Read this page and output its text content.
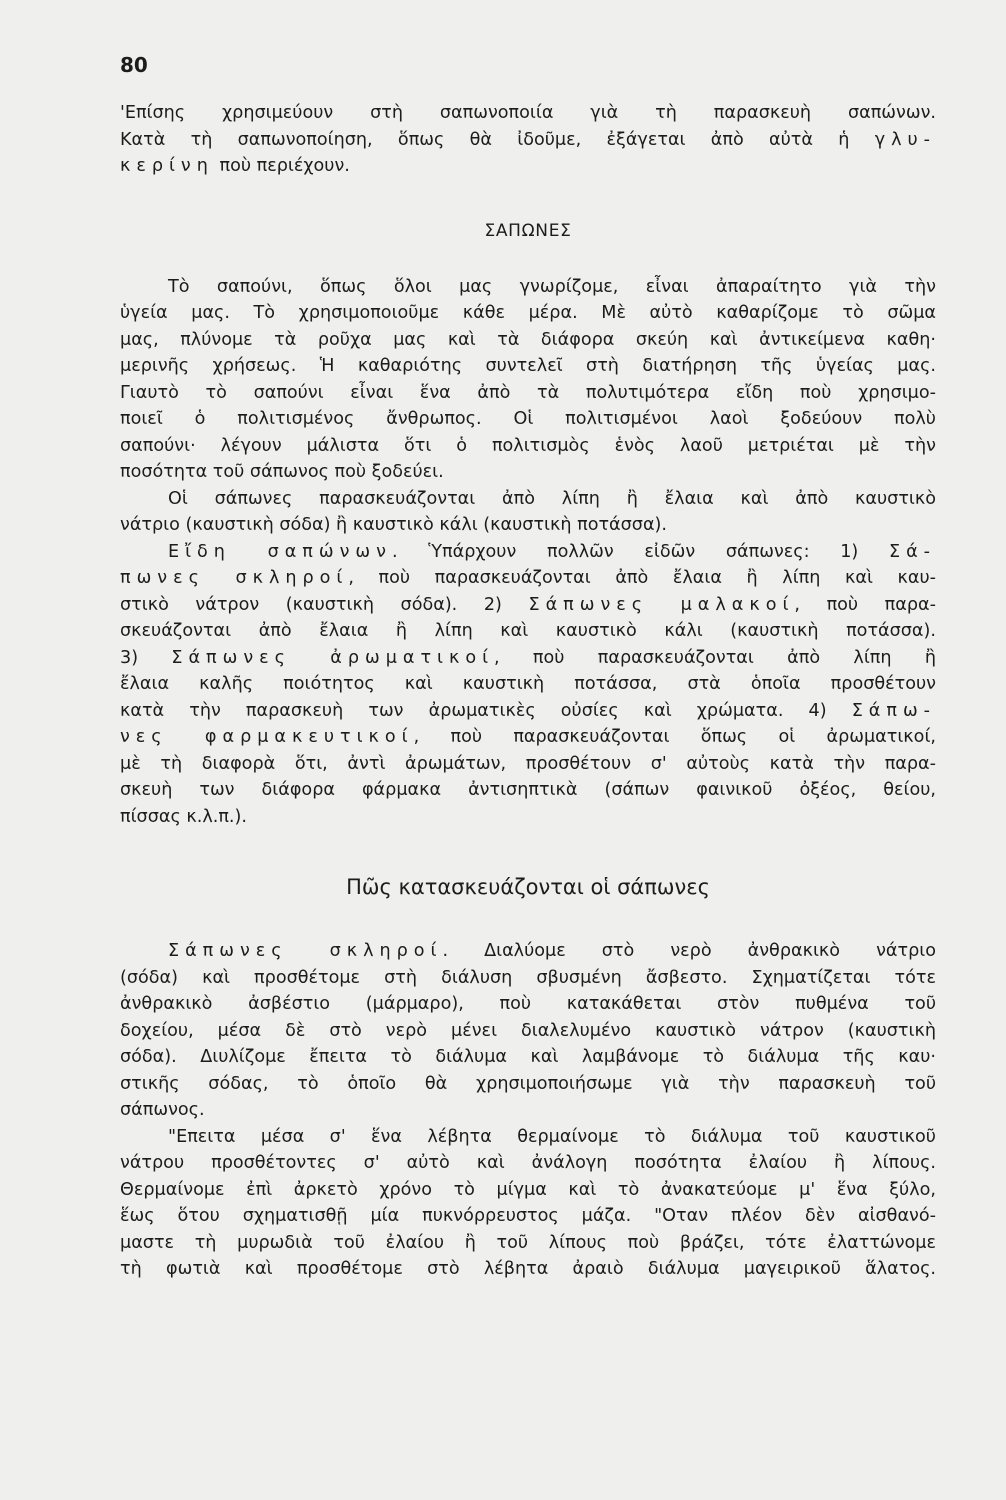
80
'Επίσης χρησιμεύουν στὴ σαπωνοποιία γιὰ τὴ παρασκευὴ σαπώνων.
Κατὰ τὴ σαπωνοποίηση, ὅπως θὰ ἰδοῦμε, ἐξάγεται ἀπὸ αὐτὰ ἡ γλυ-
κερίνη ποὺ περιέχουν.
ΣΑΠΩΝΕΣ
Τὸ σαπούνι, ὅπως ὅλοι μας γνωρίζομε, εἶναι ἀπαραίτητο γιὰ τὴν
ὑγεία μας. Τὸ χρησιμοποιοῦμε κάθε μέρα. Μὲ αὐτὸ καθαρίζομε τὸ σῶμα
μας, πλύνομε τὰ ροῦχα μας καὶ τὰ διάφορα σκεύη καὶ ἀντικείμενα καθη·
μερινῆς χρήσεως. Ἡ καθαριότης συντελεῖ στὴ διατήρηση τῆς ὑγείας μας.
Γιαυτὸ τὸ σαπούνι εἶναι ἕνα ἀπὸ τὰ πολυτιμότερα εἴδη ποὺ χρησιμο-
ποιεῖ ὁ πολιτισμένος ἄνθρωπος. Οἱ πολιτισμένοι λαοὶ ξοδεύουν πολὺ
σαπούνι· λέγουν μάλιστα ὅτι ὁ πολιτισμὸς ἑνὸς λαοῦ μετριέται μὲ τὴν
ποσότητα τοῦ σάπωνος ποὺ ξοδεύει.
Οἱ σάπωνες παρασκευάζονται ἀπὸ λίπη ἢ ἔλαια καὶ ἀπὸ καυστικὸ
νάτριο (καυστικὴ σόδα) ἢ καυστικὸ κάλι (καυστικὴ ποτάσσα).
Εἴδη σαπώνων. Ὑπάρχουν πολλῶν εἰδῶν σάπωνες: 1) Σά-
πωνες σκληροί, ποὺ παρασκευάζονται ἀπὸ ἔλαια ἢ λίπη καὶ καυ-
στικὸ νάτρον (καυστικὴ σόδα). 2) Σάπωνες μαλακοί, ποὺ παρα-
σκευάζονται ἀπὸ ἔλαια ἢ λίπη καὶ καυστικὸ κάλι (καυστικὴ ποτάσσα).
3) Σάπωνες ἀρωματικοί, ποὺ παρασκευάζονται ἀπὸ λίπη ἢ
ἔλαια καλῆς ποιότητος καὶ καυστικὴ ποτάσσα, στὰ ὁποῖα προσθέτουν
κατὰ τὴν παρασκευὴ των ἀρωματικὲς οὐσίες καὶ χρώματα. 4) Σάπω-
νες φαρμακευτικοί, ποὺ παρασκευάζονται ὅπως οἱ ἀρωματικοί,
μὲ τὴ διαφορὰ ὅτι, ἀντὶ ἀρωμάτων, προσθέτουν σ' αὐτοὺς κατὰ τὴν παρα-
σκευὴ των διάφορα φάρμακα ἀντισηπτικὰ (σάπων φαινικοῦ ὀξέος, θείου,
πίσσας κ.λ.π.).
Πῶς κατασκευάζονται οἱ σάπωνες
Σάπωνες σκληροί. Διαλύομε στὸ νερὸ ἀνθρακικὸ νάτριο
(σόδα) καὶ προσθέτομε στὴ διάλυση σβυσμένη ἄσβεστο. Σχηματίζεται τότε
ἀνθρακικὸ ἀσβέστιο (μάρμαρο), ποὺ κατακάθεται στὸν πυθμένα τοῦ
δοχείου, μέσα δὲ στὸ νερὸ μένει διαλελυμένο καυστικὸ νάτρον (καυστικὴ
σόδα). Διυλίζομε ἔπειτα τὸ διάλυμα καὶ λαμβάνομε τὸ διάλυμα τῆς καυ·
στικῆς σόδας, τὸ ὁποῖο θὰ χρησιμοποιήσωμε γιὰ τὴν παρασκευὴ τοῦ
σάπωνος.
"Επειτα μέσα σ' ἕνα λέβητα θερμαίνομε τὸ διάλυμα τοῦ καυστικοῦ
νάτρου προσθέτοντες σ' αὐτὸ καὶ ἀνάλογη ποσότητα ἐλαίου ἢ λίπους.
Θερμαίνομε ἐπὶ ἀρκετὸ χρόνο τὸ μίγμα καὶ τὸ ἀνακατεύομε μ' ἕνα ξύλο,
ἕως ὅτου σχηματισθῇ μία πυκνόρρευστος μάζα. "Οταν πλέον δὲν αἰσθανό-
μαστε τὴ μυρωδιὰ τοῦ ἐλαίου ἢ τοῦ λίπους ποὺ βράζει, τότε ἐλαττώνομε
τὴ φωτιὰ καὶ προσθέτομε στὸ λέβητα ἀραιὸ διάλυμα μαγειρικοῦ ἅλατος.
